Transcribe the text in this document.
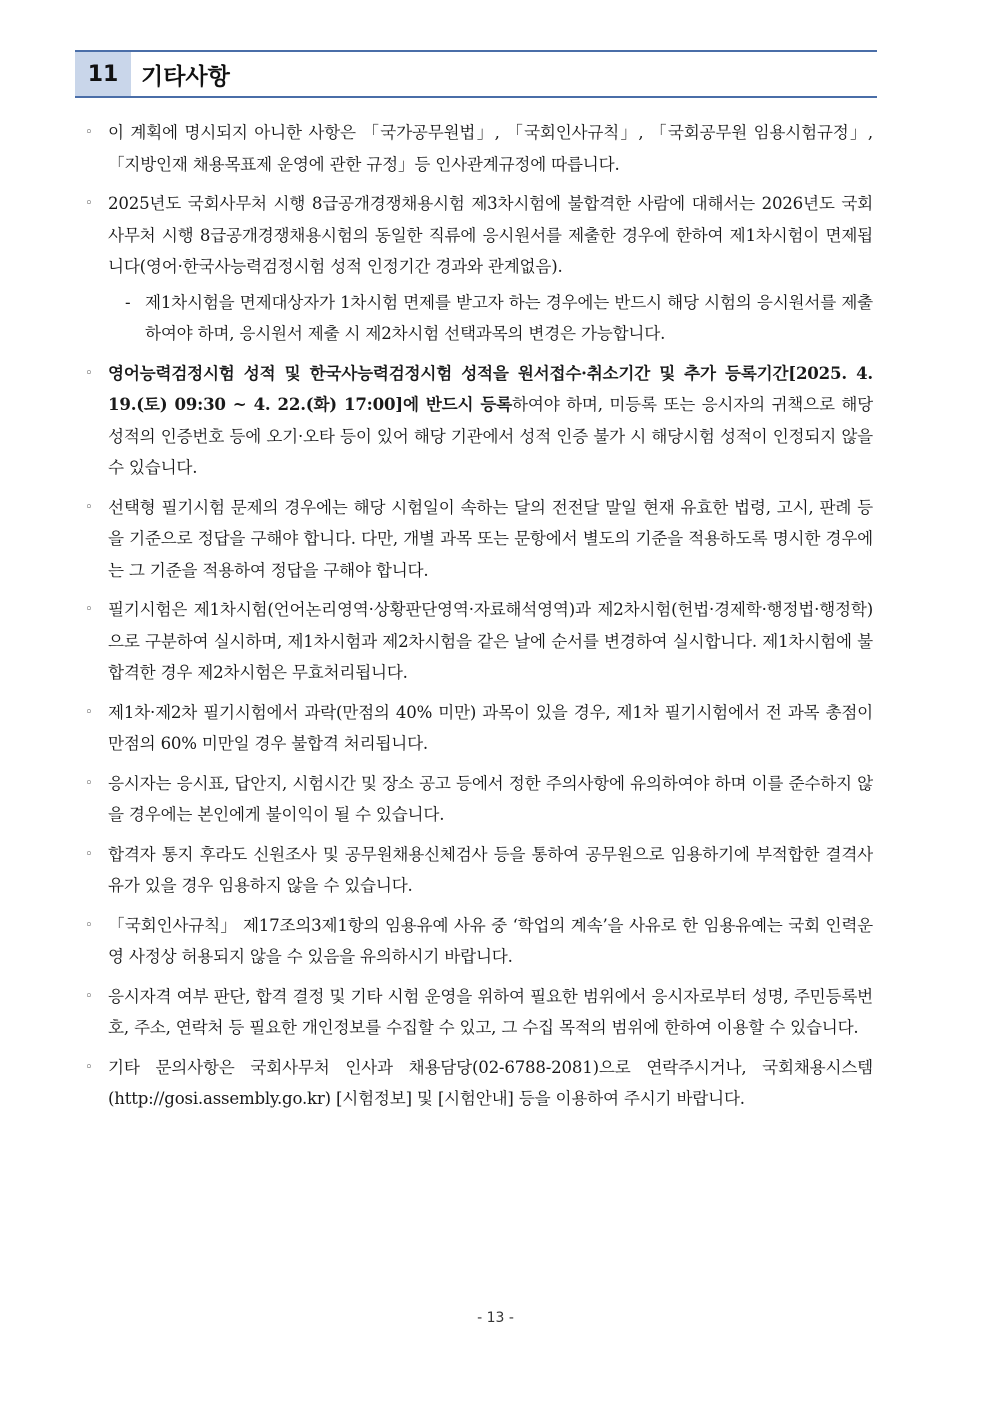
11 기타사항
◦ 이 계획에 명시되지 아니한 사항은 「국가공무원법」, 「국회인사규칙」, 「국회공무원 임용시험규정」, 「지방인재 채용목표제 운영에 관한 규정」등 인사관계규정에 따릅니다.
◦ 2025년도 국회사무처 시행 8급공개경쟁채용시험 제3차시험에 불합격한 사람에 대해서는 2026년도 국회사무처 시행 8급공개경쟁채용시험의 동일한 직류에 응시원서를 제출한 경우에 한하여 제1차시험이 면제됩니다(영어·한국사능력검정시험 성적 인정기간 경과와 관계없음).
- 제1차시험을 면제대상자가 1차시험 면제를 받고자 하는 경우에는 반드시 해당 시험의 응시원서를 제출하여야 하며, 응시원서 제출 시 제2차시험 선택과목의 변경은 가능합니다.
◦ 영어능력검정시험 성적 및 한국사능력검정시험 성적을 원서접수·취소기간 및 추가 등록기간[2025. 4. 19.(토) 09:30 ~ 4. 22.(화) 17:00]에 반드시 등록하여야 하며, 미등록 또는 응시자의 귀책으로 해당 성적의 인증번호 등에 오기·오타 등이 있어 해당 기관에서 성적 인증 불가 시 해당시험 성적이 인정되지 않을 수 있습니다.
◦ 선택형 필기시험 문제의 경우에는 해당 시험일이 속하는 달의 전전달 말일 현재 유효한 법령, 고시, 판례 등을 기준으로 정답을 구해야 합니다. 다만, 개별 과목 또는 문항에서 별도의 기준을 적용하도록 명시한 경우에는 그 기준을 적용하여 정답을 구해야 합니다.
◦ 필기시험은 제1차시험(언어논리영역·상황판단영역·자료해석영역)과 제2차시험(헌법·경제학·행정법·행정학)으로 구분하여 실시하며, 제1차시험과 제2차시험을 같은 날에 순서를 변경하여 실시합니다. 제1차시험에 불합격한 경우 제2차시험은 무효처리됩니다.
◦ 제1차·제2차 필기시험에서 과락(만점의 40% 미만) 과목이 있을 경우, 제1차 필기시험에서 전 과목 총점이 만점의 60% 미만일 경우 불합격 처리됩니다.
◦ 응시자는 응시표, 답안지, 시험시간 및 장소 공고 등에서 정한 주의사항에 유의하여야 하며 이를 준수하지 않을 경우에는 본인에게 불이익이 될 수 있습니다.
◦ 합격자 통지 후라도 신원조사 및 공무원채용신체검사 등을 통하여 공무원으로 임용하기에 부적합한 결격사유가 있을 경우 임용하지 않을 수 있습니다.
◦ 「국회인사규칙」 제17조의3제1항의 임용유예 사유 중 ‘학업의 계속’을 사유로 한 임용유예는 국회 인력운영 사정상 허용되지 않을 수 있음을 유의하시기 바랍니다.
◦ 응시자격 여부 판단, 합격 결정 및 기타 시험 운영을 위하여 필요한 범위에서 응시자로부터 성명, 주민등록번호, 주소, 연락처 등 필요한 개인정보를 수집할 수 있고, 그 수집 목적의 범위에 한하여 이용할 수 있습니다.
◦ 기타 문의사항은 국회사무처 인사과 채용담당(02-6788-2081)으로 연락주시거나, 국회채용시스템(http://gosi.assembly.go.kr) [시험정보] 및 [시험안내] 등을 이용하여 주시기 바랍니다.
- 13 -
